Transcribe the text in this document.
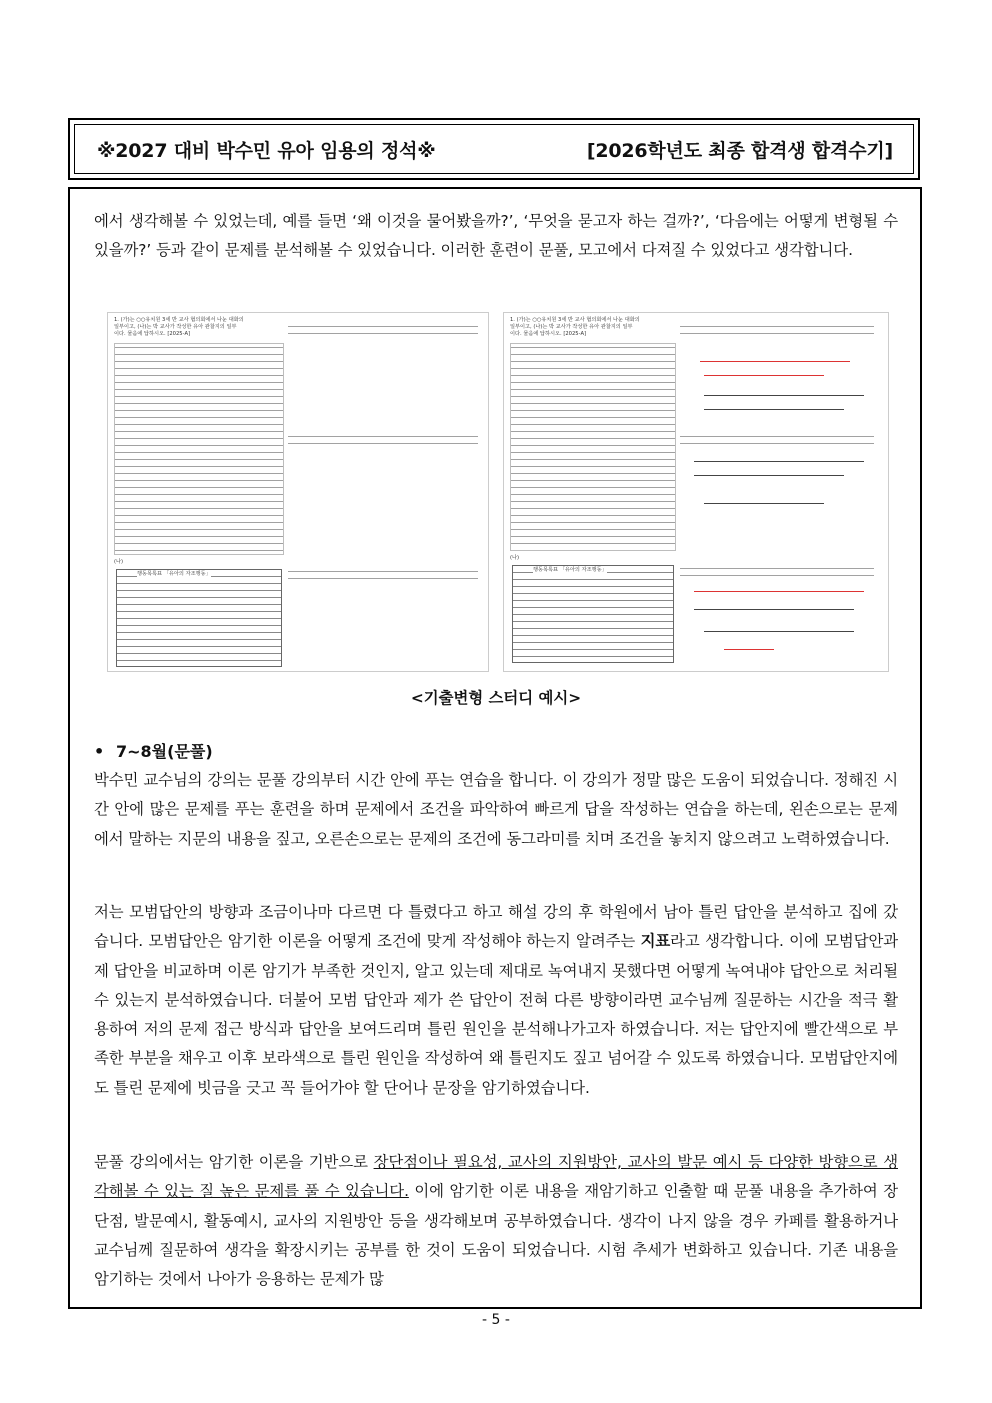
※2027 대비 박수민 유아 임용의 정석※	[2026학년도 최종 합격생 합격수기]
에서 생각해볼 수 있었는데, 예를 들면 ‘왜 이것을 물어봤을까?’, ‘무엇을 묻고자 하는 걸까?’, ‘다음에는 어떻게 변형될 수 있을까?’ 등과 같이 문제를 분석해볼 수 있었습니다. 이러한 훈련이 문풀, 모고에서 다져질 수 있었다고 생각합니다.
1. (가)는 ○○유치원 3세 반 교사 협의회에서 나눈 대화의
일부이고, (나)는 박 교사가 작성한 유아 관찰지의 일부
이다. 물음에 답하시오. [2025-A]
(나)
행동목록표 「유아의 자조행동」
1. (가)는 ○○유치원 3세 반 교사 협의회에서 나눈 대화의
일부이고, (나)는 박 교사가 작성한 유아 관찰지의 일부
이다. 물음에 답하시오. [2025-A]
(나)
행동목록표 「유아의 자조행동」
<기출변형 스터디 예시>
• 7~8월(문풀)
박수민 교수님의 강의는 문풀 강의부터 시간 안에 푸는 연습을 합니다. 이 강의가 정말 많은 도움이 되었습니다. 정해진 시간 안에 많은 문제를 푸는 훈련을 하며 문제에서 조건을 파악하여 빠르게 답을 작성하는 연습을 하는데, 왼손으로는 문제에서 말하는 지문의 내용을 짚고, 오른손으로는 문제의 조건에 동그라미를 치며 조건을 놓치지 않으려고 노력하였습니다.
저는 모범답안의 방향과 조금이나마 다르면 다 틀렸다고 하고 해설 강의 후 학원에서 남아 틀린 답안을 분석하고 집에 갔습니다. 모범답안은 암기한 이론을 어떻게 조건에 맞게 작성해야 하는지 알려주는 지표라고 생각합니다. 이에 모범답안과 제 답안을 비교하며 이론 암기가 부족한 것인지, 알고 있는데 제대로 녹여내지 못했다면 어떻게 녹여내야 답안으로 처리될 수 있는지 분석하였습니다. 더불어 모범 답안과 제가 쓴 답안이 전혀 다른 방향이라면 교수님께 질문하는 시간을 적극 활용하여 저의 문제 접근 방식과 답안을 보여드리며 틀린 원인을 분석해나가고자 하였습니다. 저는 답안지에 빨간색으로 부족한 부분을 채우고 이후 보라색으로 틀린 원인을 작성하여 왜 틀린지도 짚고 넘어갈 수 있도록 하였습니다. 모범답안지에도 틀린 문제에 빗금을 긋고 꼭 들어가야 할 단어나 문장을 암기하였습니다.
문풀 강의에서는 암기한 이론을 기반으로 장단점이나 필요성, 교사의 지원방안, 교사의 발문 예시 등 다양한 방향으로 생각해볼 수 있는 질 높은 문제를 풀 수 있습니다. 이에 암기한 이론 내용을 재암기하고 인출할 때 문풀 내용을 추가하여 장단점, 발문예시, 활동예시, 교사의 지원방안 등을 생각해보며 공부하였습니다. 생각이 나지 않을 경우 카페를 활용하거나 교수님께 질문하여 생각을 확장시키는 공부를 한 것이 도움이 되었습니다. 시험 추세가 변화하고 있습니다. 기존 내용을 암기하는 것에서 나아가 응용하는 문제가 많
- 5 -
